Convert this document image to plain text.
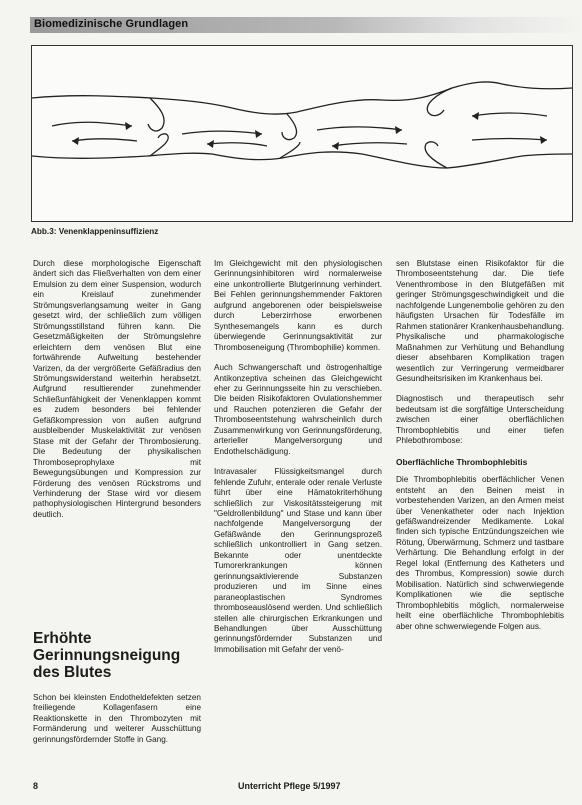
Biomedizinische Grundlagen
Abb.3: Venenklappeninsuffizienz

Durch diese morphologische Eigenschaft ändert sich das Fließverhalten von dem einer Emulsion zu dem einer Suspension, wodurch ein Kreislauf zunehmender Strömungsverlangsamung weiter in Gang gesetzt wird, der schließlich zum völligen Strömungsstillstand führen kann. Die Gesetzmäßigkeiten der Strömungslehre erleichtern dem venösen Blut eine fortwährende Aufweitung bestehender Varizen, da der vergrößerte Gefäßradius den Strömungswiderstand weiterhin herabsetzt. Aufgrund resultierender zunehmender Schließunfähigkeit der Venenklappen kommt es zudem besonders bei fehlender Gefäßkompression von außen aufgrund ausbleibender Muskelaktivität zur venösen Stase mit der Gefahr der Thrombosierung. Die Bedeutung der physikalischen Thromboseprophylaxe mit Bewegungsübungen und Kompression zur Förderung des venösen Rückstroms und Verhinderung der Stase wird vor diesem pathophysiologischen Hintergrund besonders deutlich.

Erhöhte Gerinnungsneigung des Blutes

Schon bei kleinsten Endotheldefekten setzen freiliegende Kollagenfasern eine Reaktionskette in den Thrombozyten mit Formänderung und weiterer Ausschüttung gerinnungsfördernder Stoffe in Gang.

Im Gleichgewicht mit den physiologischen Gerinnungsinhibitoren wird normalerweise eine unkontrollierte Blutgerinnung verhindert. Bei Fehlen gerinnungshemmender Faktoren aufgrund angeborenen oder beispielsweise durch Leberzirrhose erworbenen Synthesemangels kann es durch überwiegende Gerinnungsaktivität zur Thromboseneigung (Thrombophilie) kommen.

Auch Schwangerschaft und östrogenhaltige Antikonzeptiva scheinen das Gleichgewicht eher zu Gerinnungsseite hin zu verschieben. Die beiden Risikofaktoren Ovulationshemmer und Rauchen potenzieren die Gefahr der Thromboseentstehung wahrscheinlich durch Zusammenwirkung von Gerinnungsförderung, arterieller Mangelversorgung und Endothelschädigung.

Intravasaler Flüssigkeitsmangel durch fehlende Zufuhr, enterale oder renale Verluste führt über eine Hämatokriterhöhung schließlich zur Viskositätssteigerung mit "Geldrollenbildung" und Stase und kann über nachfolgende Mangelversorgung der Gefäßwände den Gerinnungsprozeß schließlich unkontrolliert in Gang setzen. Bekannte oder unentdeckte Tumorerkrankungen können gerinnungsaktivierende Substanzen produzieren und im Sinne eines paraneoplastischen Syndromes thromboseauslösend werden. Und schließlich stellen alle chirurgischen Erkrankungen und Behandlungen über Ausschüttung gerinnungsfördernder Substanzen und Immobilisation mit Gefahr der venö-

sen Blutstase einen Risikofaktor für die Thromboseentstehung dar. Die tiefe Venenthrombose in den Blutgefäßen mit geringer Strömungsgeschwindigkeit und die nachfolgende Lungenembolie gehören zu den häufigsten Ursachen für Todesfälle im Rahmen stationärer Krankenhausbehandlung. Physikalische und pharmakologische Maßnahmen zur Verhütung und Behandlung dieser absehbaren Komplikation tragen wesentlich zur Verringerung vermeidbarer Gesundheitsrisiken im Krankenhaus bei.

Diagnostisch und therapeutisch sehr bedeutsam ist die sorgfältige Unterscheidung zwischen einer oberflächlichen Thrombophlebitis und einer tiefen Phlebothrombose:

Oberflächliche Thrombophlebitis

Die Thrombophlebitis oberflächlicher Venen entsteht an den Beinen meist in vorbestehenden Varizen, an den Armen meist über Venenkatheter oder nach Injektion gefäßwandreizender Medikamente. Lokal finden sich typische Entzündungszeichen wie Rötung, Überwärmung, Schmerz und tastbare Verhärtung. Die Behandlung erfolgt in der Regel lokal (Entfernung des Katheters und des Thrombus, Kompression) sowie durch Mobilisation. Natürlich sind schwerwiegende Komplikationen wie die septische Thrombophlebitis möglich, normalerweise heilt eine oberflächliche Thrombophlebitis aber ohne schwerwiegende Folgen aus.

8	Unterricht Pflege 5/1997
